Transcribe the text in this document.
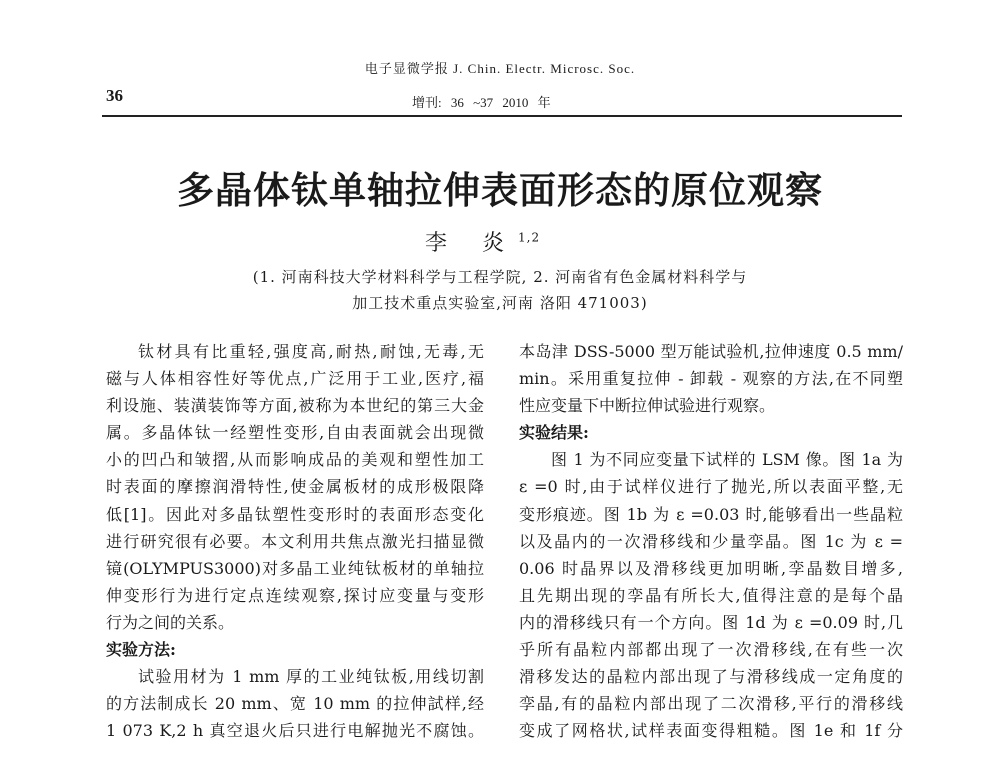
电子显微学报 J. Chin. Electr. Microsc. Soc.
36	增刊: 36 ~37 2010 年
多晶体钛单轴拉伸表面形态的原位观察
李 炎$^{1,2}$
(1. 河南科技大学材料科学与工程学院, 2. 河南省有色金属材料科学与
加工技术重点实验室,河南 洛阳 471003)
钛材具有比重轻,强度高,耐热,耐蚀,无毒,无
磁与人体相容性好等优点,广泛用于工业,医疗,福
利设施、装潢装饰等方面,被称为本世纪的第三大金
属。多晶体钛一经塑性变形,自由表面就会出现微
小的凹凸和皱摺,从而影响成品的美观和塑性加工
时表面的摩擦润滑特性,使金属板材的成形极限降
低[1]。因此对多晶钛塑性变形时的表面形态变化
进行研究很有必要。本文利用共焦点激光扫描显微
镜(OLYMPUS3000)对多晶工业纯钛板材的单轴拉
伸变形行为进行定点连续观察,探讨应变量与变形
行为之间的关系。
实验方法:
试验用材为 1 mm 厚的工业纯钛板,用线切割
的方法制成长 20 mm、宽 10 mm 的拉伸試样,经
1 073 K,2 h 真空退火后只进行电解抛光不腐蚀。
本岛津 DSS-5000 型万能试验机,拉伸速度 0.5 mm/
min。采用重复拉伸 - 卸载 - 观察的方法,在不同塑
性应变量下中断拉伸试验进行观察。
实验结果:
图 1 为不同应变量下试样的 LSM 像。图 1a 为
ε =0 时,由于试样仪进行了抛光,所以表面平整,无
变形痕迹。图 1b 为 ε =0.03 时,能够看出一些晶粒
以及晶内的一次滑移线和少量孪晶。图 1c 为 ε =
0.06 时晶界以及滑移线更加明晰,孪晶数目增多,
且先期出现的孪晶有所长大,值得注意的是每个晶
内的滑移线只有一个方向。图 1d 为 ε =0.09 时,几
乎所有晶粒内部都出现了一次滑移线,在有些一次
滑移发达的晶粒内部出现了与滑移线成一定角度的
孪晶,有的晶粒内部出现了二次滑移,平行的滑移线
变成了网格状,试样表面变得粗糙。图 1e 和 1f 分
